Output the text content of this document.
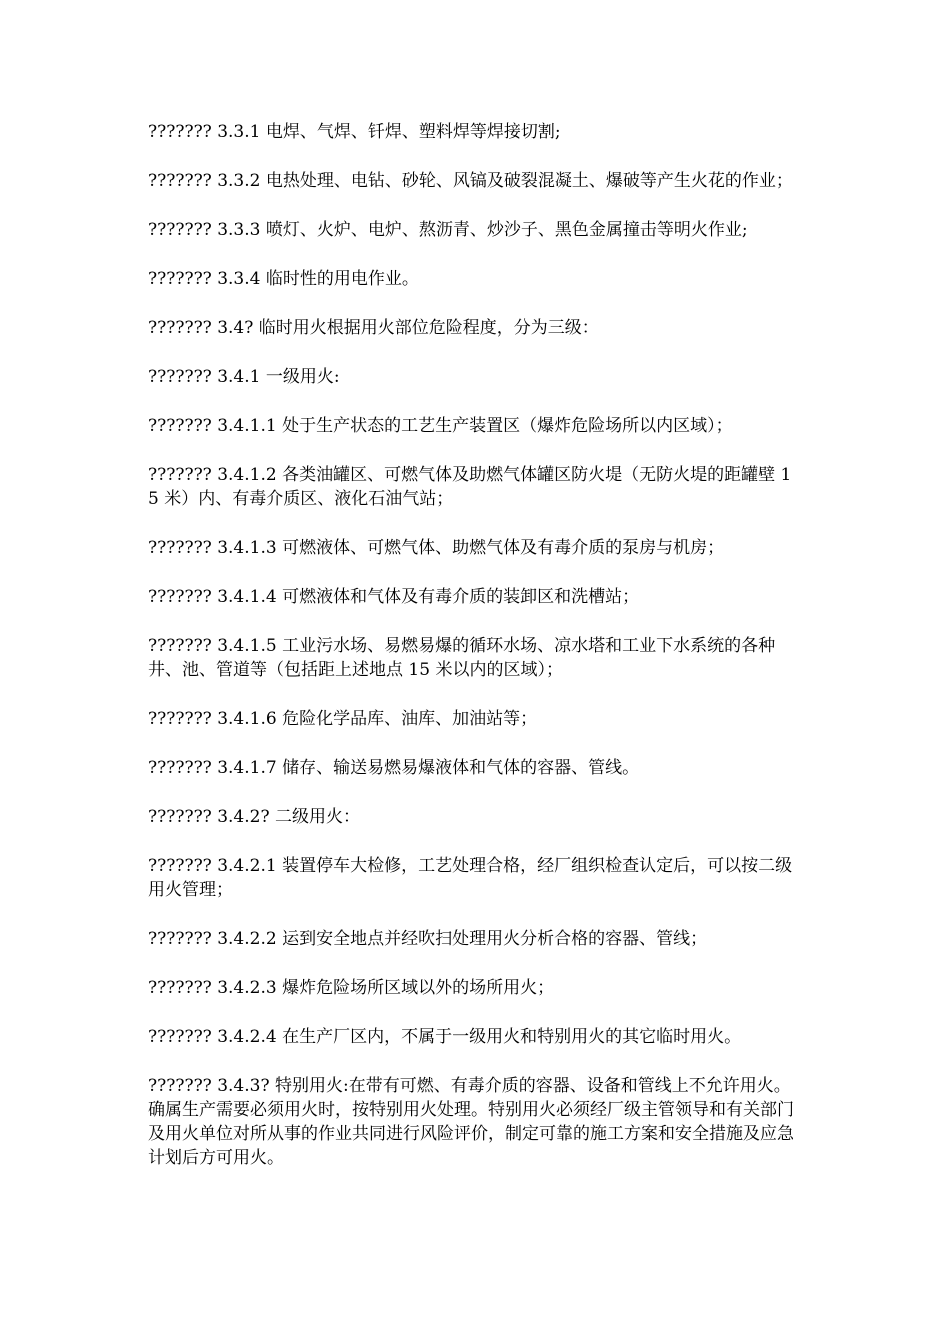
??????? 3.3.1 电焊、气焊、钎焊、塑料焊等焊接切割;

??????? 3.3.2 电热处理、电钻、砂轮、风镐及破裂混凝土、爆破等产生火花的作业；

??????? 3.3.3 喷灯、火炉、电炉、熬沥青、炒沙子、黑色金属撞击等明火作业;

??????? 3.3.4 临时性的用电作业。

??????? 3.4? 临时用火根据用火部位危险程度，分为三级：

??????? 3.4.1 一级用火:

??????? 3.4.1.1 处于生产状态的工艺生产装置区（爆炸危险场所以内区域）；

??????? 3.4.1.2 各类油罐区、可燃气体及助燃气体罐区防火堤（无防火堤的距罐壁 15 米）内、有毒介质区、液化石油气站；

??????? 3.4.1.3 可燃液体、可燃气体、助燃气体及有毒介质的泵房与机房；

??????? 3.4.1.4 可燃液体和气体及有毒介质的装卸区和洗槽站；

??????? 3.4.1.5 工业污水场、易燃易爆的循环水场、凉水塔和工业下水系统的各种井、池、管道等（包括距上述地点 15 米以内的区域）；

??????? 3.4.1.6 危险化学品库、油库、加油站等；

??????? 3.4.1.7 储存、输送易燃易爆液体和气体的容器、管线。

??????? 3.4.2? 二级用火：

??????? 3.4.2.1 装置停车大检修，工艺处理合格，经厂组织检查认定后，可以按二级用火管理；

??????? 3.4.2.2 运到安全地点并经吹扫处理用火分析合格的容器、管线；

??????? 3.4.2.3 爆炸危险场所区域以外的场所用火；

??????? 3.4.2.4 在生产厂区内，不属于一级用火和特别用火的其它临时用火。

??????? 3.4.3? 特别用火:在带有可燃、有毒介质的容器、设备和管线上不允许用火。确属生产需要必须用火时，按特别用火处理。特别用火必须经厂级主管领导和有关部门及用火单位对所从事的作业共同进行风险评价，制定可靠的施工方案和安全措施及应急计划后方可用火。
